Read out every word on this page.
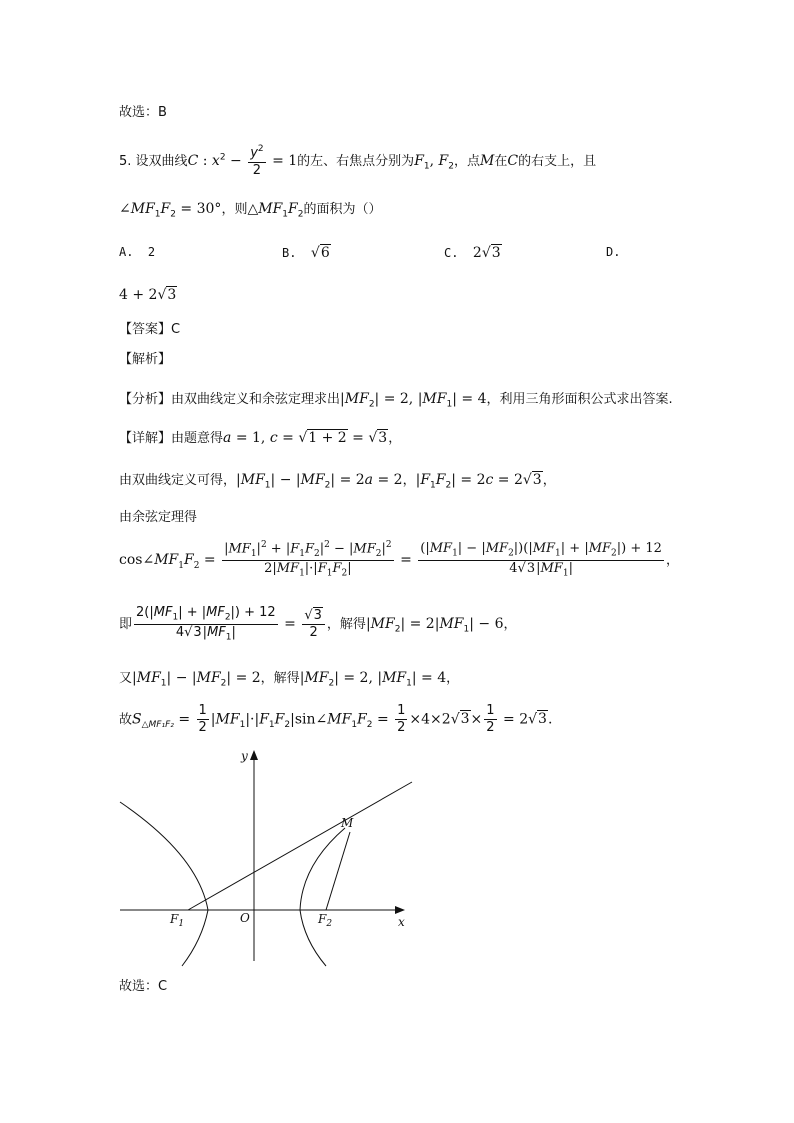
故选：B
5. 设双曲线C : $x^2 - \frac{y^2}{2} = 1$的左、右焦点分别为$F_1$, $F_2$，点M在C的右支上，且
$\angle MF_1F_2 = 30^\circ$，则$\triangle MF_1F_2$的面积为（）
A. 2	B. √6	C. 2√3	D.
4 + 2√3
【答案】C
【解析】
【分析】由双曲线定义和余弦定理求出$|MF_2| = 2$, $|MF_1| = 4$，利用三角形面积公式求出答案.
【详解】由题意得a = 1, c = √1 + 2 = √3，
由双曲线定义可得，$|MF_1| - |MF_2| = 2a = 2$，$|F_1F_2| = 2c = 2√3$，
由余弦定理得
$\cos\angle MF_1F_2 = \frac{|MF_1|^2 + |F_1F_2|^2 - |MF_2|^2}{2|MF_1|\cdot|F_1F_2|} = \frac{(|MF_1| - |MF_2|)(|MF_1| + |MF_2|) + 12}{4√3|MF_1|}$ ，
即 $\frac{2(|MF_1| + |MF_2|) + 12}{4√3|MF_1|} = \frac{√3}{2}$ ，解得$|MF_2| = 2|MF_1| - 6$，
又$|MF_1| - |MF_2| = 2$，解得$|MF_2| = 2$, $|MF_1| = 4$，
故$S_{\triangle MF_1F_2} = \frac{1}{2}$ $|MF_1|\cdot|F_1F_2|\sin\angle MF_1F_2 = \frac{1}{2} \times 4\times 2√3\times \frac{1}{2} = 2√3$.
y
x
O
M
$F_1$	$F_2$
故选：C
